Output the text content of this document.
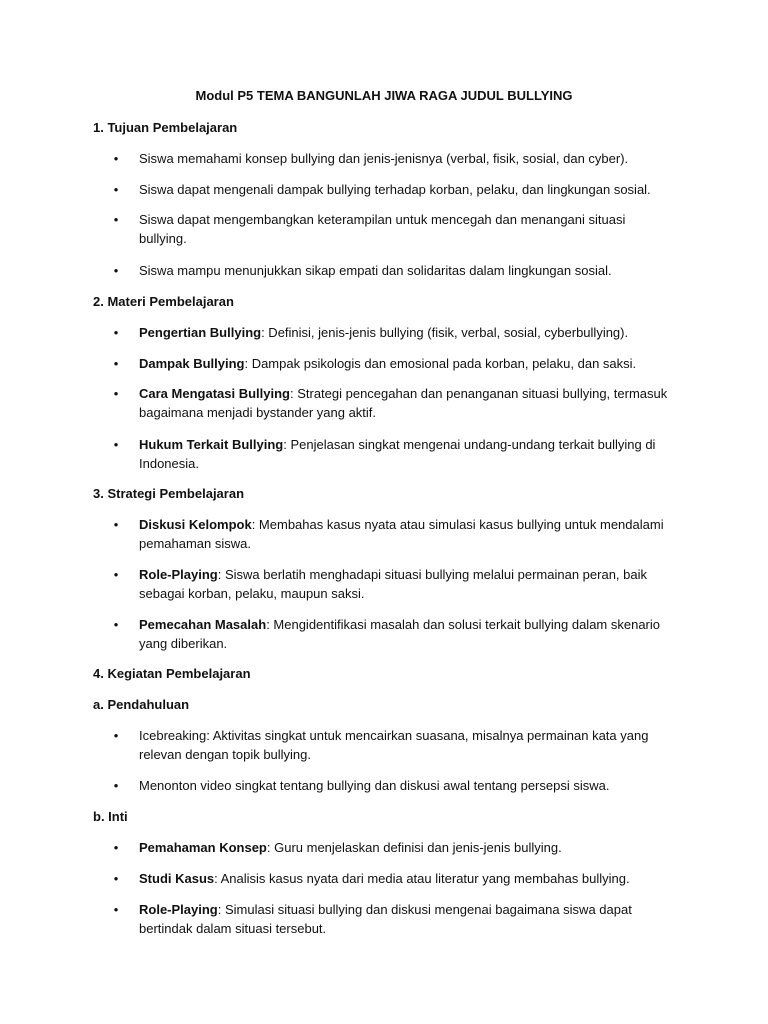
Modul P5 TEMA BANGUNLAH JIWA RAGA JUDUL BULLYING
1. Tujuan Pembelajaran
• Siswa memahami konsep bullying dan jenis-jenisnya (verbal, fisik, sosial, dan cyber).
• Siswa dapat mengenali dampak bullying terhadap korban, pelaku, dan lingkungan sosial.
• Siswa dapat mengembangkan keterampilan untuk mencegah dan menangani situasi bullying.
• Siswa mampu menunjukkan sikap empati dan solidaritas dalam lingkungan sosial.
2. Materi Pembelajaran
• Pengertian Bullying: Definisi, jenis-jenis bullying (fisik, verbal, sosial, cyberbullying).
• Dampak Bullying: Dampak psikologis dan emosional pada korban, pelaku, dan saksi.
• Cara Mengatasi Bullying: Strategi pencegahan dan penanganan situasi bullying, termasuk bagaimana menjadi bystander yang aktif.
• Hukum Terkait Bullying: Penjelasan singkat mengenai undang-undang terkait bullying di Indonesia.
3. Strategi Pembelajaran
• Diskusi Kelompok: Membahas kasus nyata atau simulasi kasus bullying untuk mendalami pemahaman siswa.
• Role-Playing: Siswa berlatih menghadapi situasi bullying melalui permainan peran, baik sebagai korban, pelaku, maupun saksi.
• Pemecahan Masalah: Mengidentifikasi masalah dan solusi terkait bullying dalam skenario yang diberikan.
4. Kegiatan Pembelajaran
a. Pendahuluan
• Icebreaking: Aktivitas singkat untuk mencairkan suasana, misalnya permainan kata yang relevan dengan topik bullying.
• Menonton video singkat tentang bullying dan diskusi awal tentang persepsi siswa.
b. Inti
• Pemahaman Konsep: Guru menjelaskan definisi dan jenis-jenis bullying.
• Studi Kasus: Analisis kasus nyata dari media atau literatur yang membahas bullying.
• Role-Playing: Simulasi situasi bullying dan diskusi mengenai bagaimana siswa dapat bertindak dalam situasi tersebut.
